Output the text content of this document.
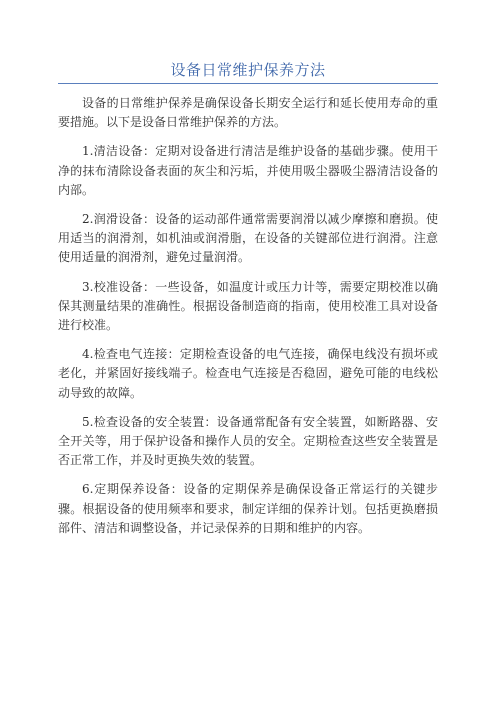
设备日常维护保养方法

设备的日常维护保养是确保设备长期安全运行和延长使用寿命的重要措施。以下是设备日常维护保养的方法。

1.清洁设备：定期对设备进行清洁是维护设备的基础步骤。使用干净的抹布清除设备表面的灰尘和污垢，并使用吸尘器吸尘器清洁设备的内部。

2.润滑设备：设备的运动部件通常需要润滑以减少摩擦和磨损。使用适当的润滑剂，如机油或润滑脂，在设备的关键部位进行润滑。注意使用适量的润滑剂，避免过量润滑。

3.校准设备：一些设备，如温度计或压力计等，需要定期校准以确保其测量结果的准确性。根据设备制造商的指南，使用校准工具对设备进行校准。

4.检查电气连接：定期检查设备的电气连接，确保电线没有损坏或老化，并紧固好接线端子。检查电气连接是否稳固，避免可能的电线松动导致的故障。

5.检查设备的安全装置：设备通常配备有安全装置，如断路器、安全开关等，用于保护设备和操作人员的安全。定期检查这些安全装置是否正常工作，并及时更换失效的装置。

6.定期保养设备：设备的定期保养是确保设备正常运行的关键步骤。根据设备的使用频率和要求，制定详细的保养计划。包括更换磨损部件、清洁和调整设备，并记录保养的日期和维护的内容。
